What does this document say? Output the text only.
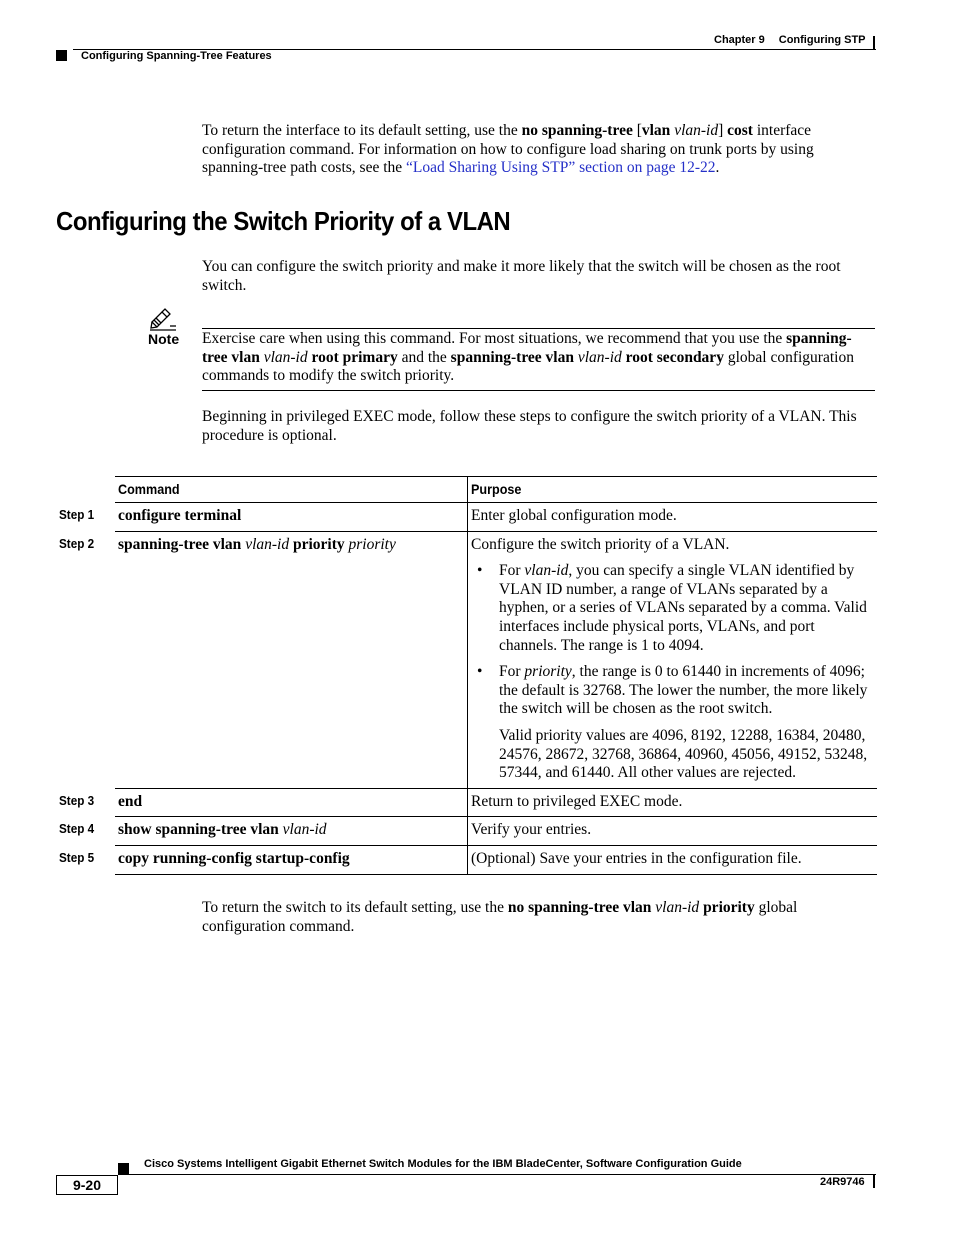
Chapter 9 Configuring STP
Configuring Spanning-Tree Features
To return the interface to its default setting, use the no spanning-tree [vlan vlan-id] cost interface configuration command. For information on how to configure load sharing on trunk ports by using spanning-tree path costs, see the “Load Sharing Using STP” section on page 12-22.
Configuring the Switch Priority of a VLAN
You can configure the switch priority and make it more likely that the switch will be chosen as the root switch.
Note Exercise care when using this command. For most situations, we recommend that you use the spanning-tree vlan vlan-id root primary and the spanning-tree vlan vlan-id root secondary global configuration commands to modify the switch priority.
Beginning in privileged EXEC mode, follow these steps to configure the switch priority of a VLAN. This procedure is optional.
Command	Purpose
Step 1 configure terminal	Enter global configuration mode.
Step 2 spanning-tree vlan vlan-id priority priority	Configure the switch priority of a VLAN.
• For vlan-id, you can specify a single VLAN identified by VLAN ID number, a range of VLANs separated by a hyphen, or a series of VLANs separated by a comma. Valid interfaces include physical ports, VLANs, and port channels. The range is 1 to 4094.
• For priority, the range is 0 to 61440 in increments of 4096; the default is 32768. The lower the number, the more likely the switch will be chosen as the root switch.
Valid priority values are 4096, 8192, 12288, 16384, 20480, 24576, 28672, 32768, 36864, 40960, 45056, 49152, 53248, 57344, and 61440. All other values are rejected.
Step 3 end	Return to privileged EXEC mode.
Step 4 show spanning-tree vlan vlan-id	Verify your entries.
Step 5 copy running-config startup-config	(Optional) Save your entries in the configuration file.
To return the switch to its default setting, use the no spanning-tree vlan vlan-id priority global configuration command.
Cisco Systems Intelligent Gigabit Ethernet Switch Modules for the IBM BladeCenter, Software Configuration Guide
9-20	24R9746
